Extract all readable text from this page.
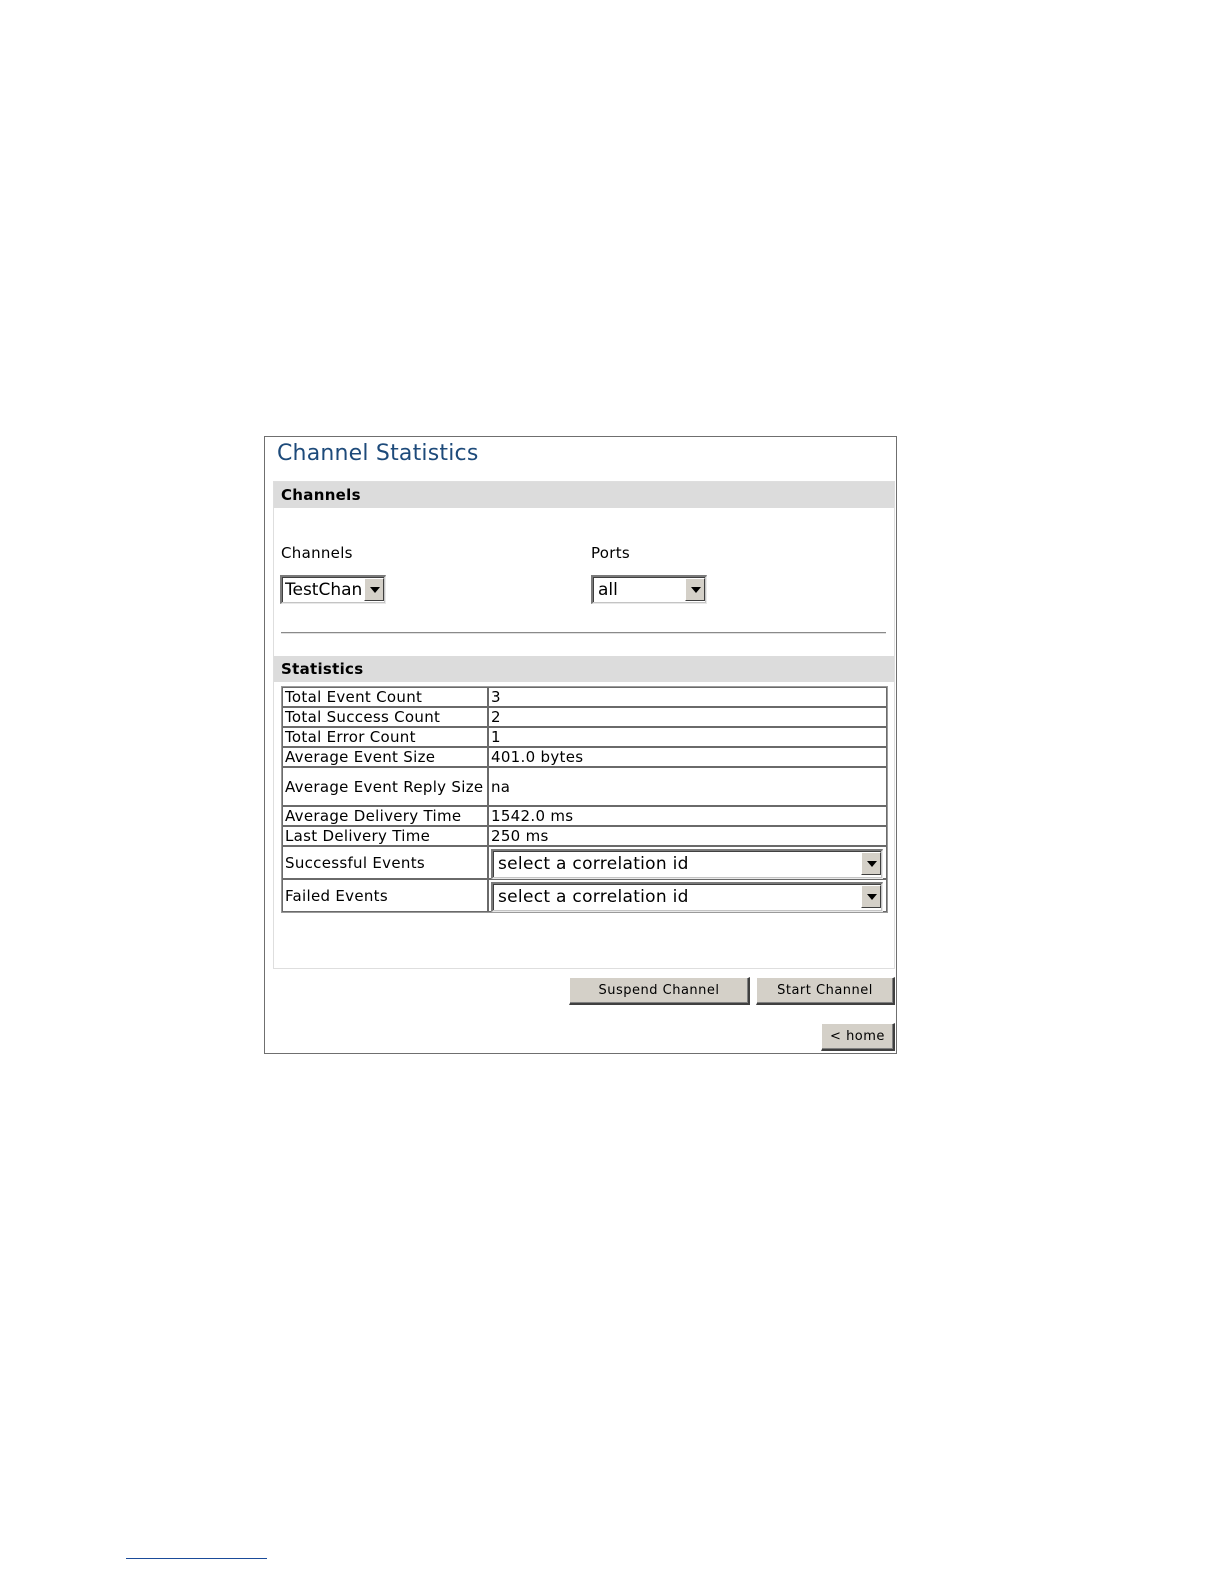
Channel Statistics
Channels
Channels
TestChan
Ports
all
Statistics
Total Event Count	3
Total Success Count	2
Total Error Count	1
Average Event Size	401.0 bytes
Average Event Reply Size	na
Average Delivery Time	1542.0 ms
Last Delivery Time	250 ms
Successful Events	select a correlation id

Failed Events	select a correlation id
Suspend Channel	Start Channel
< home
